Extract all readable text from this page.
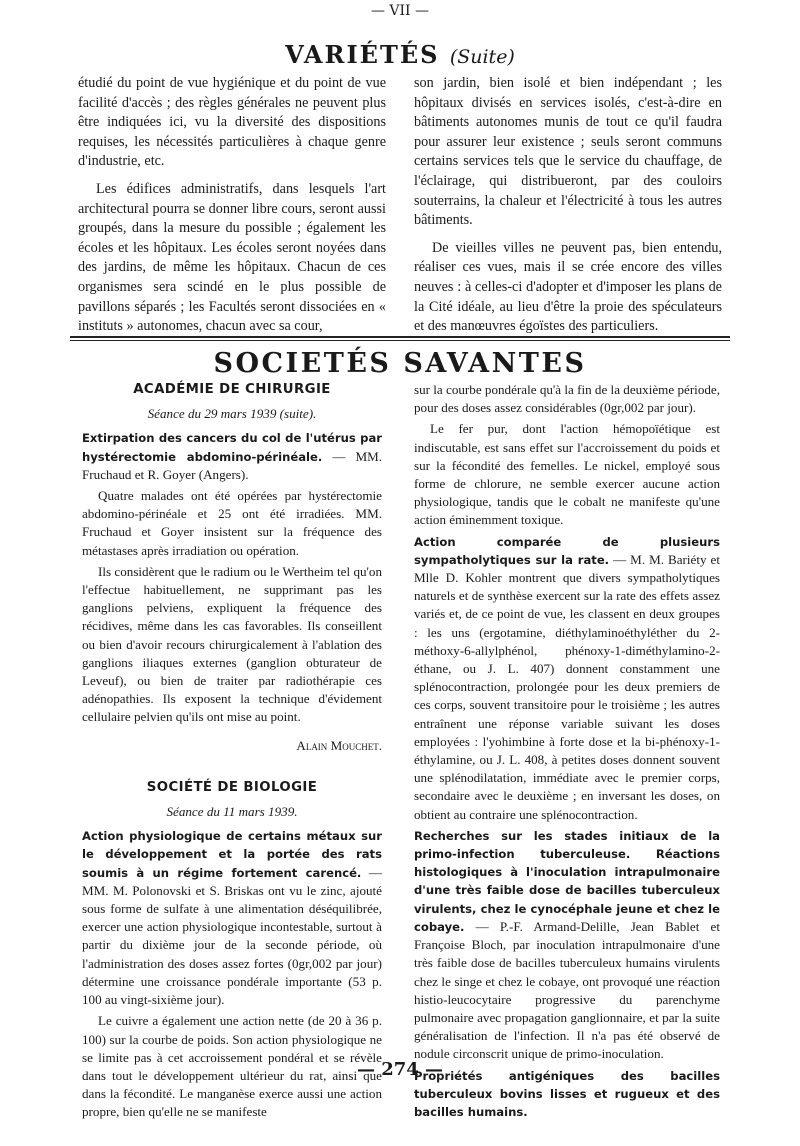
— VII —
VARIÉTÉS (Suite)

étudié du point de vue hygiénique et du point de vue facilité d'accès ; des règles générales ne peuvent plus être indiquées ici, vu la diversité des dispositions requises, les nécessités particulières à chaque genre d'industrie, etc.

Les édifices administratifs, dans lesquels l'art architectural pourra se donner libre cours, seront aussi groupés, dans la mesure du possible ; également les écoles et les hôpitaux. Les écoles seront noyées dans des jardins, de même les hôpitaux. Chacun de ces organismes sera scindé en le plus possible de pavillons séparés ; les Facultés seront dissociées en « instituts » autonomes, chacun avec sa cour,

son jardin, bien isolé et bien indépendant ; les hôpitaux divisés en services isolés, c'est-à-dire en bâtiments autonomes munis de tout ce qu'il faudra pour assurer leur existence ; seuls seront communs certains services tels que le service du chauffage, de l'éclairage, qui distribueront, par des couloirs souterrains, la chaleur et l'électricité à tous les autres bâtiments.

De vieilles villes ne peuvent pas, bien entendu, réaliser ces vues, mais il se crée encore des villes neuves : à celles-ci d'adopter et d'imposer les plans de la Cité idéale, au lieu d'être la proie des spéculateurs et des manœuvres égoïstes des particuliers.

SOCIETÉS SAVANTES

ACADÉMIE DE CHIRURGIE

Séance du 29 mars 1939 (suite).

Extirpation des cancers du col de l'utérus par hystérectomie abdomino-périnéale. — MM. Fruchaud et R. Goyer (Angers).

Quatre malades ont été opérées par hystérectomie abdomino-périnéale et 25 ont été irradiées. MM. Fruchaud et Goyer insistent sur la fréquence des métastases après irradiation ou opération.

Ils considèrent que le radium ou le Wertheim tel qu'on l'effectue habituellement, ne supprimant pas les ganglions pelviens, expliquent la fréquence des récidives, même dans les cas favorables. Ils conseillent ou bien d'avoir recours chirurgicalement à l'ablation des ganglions iliaques externes (ganglion obturateur de Leveuf), ou bien de traiter par radiothérapie ces adénopathies. Ils exposent la technique d'évidement cellulaire pelvien qu'ils ont mise au point.

Alain Mouchet.

SOCIÉTÉ DE BIOLOGIE

Séance du 11 mars 1939.

Action physiologique de certains métaux sur le développement et la portée des rats soumis à un régime fortement carencé. — MM. M. Polonovski et S. Briskas ont vu le zinc, ajouté sous forme de sulfate à une alimentation déséquilibrée, exercer une action physiologique incontestable, surtout à partir du dixième jour de la seconde période, où l'administration des doses assez fortes (0gr,002 par jour) détermine une croissance pondérale importante (53 p. 100 au vingt-sixième jour).

Le cuivre a également une action nette (de 20 à 36 p. 100) sur la courbe de poids. Son action physiologique ne se limite pas à cet accroissement pondéral et se révèle dans tout le développement ultérieur du rat, ainsi que dans la fécondité. Le manganèse exerce aussi une action propre, bien qu'elle ne se manifeste

sur la courbe pondérale qu'à la fin de la deuxième période, pour des doses assez considérables (0gr,002 par jour).

Le fer pur, dont l'action hémopoïétique est indiscutable, est sans effet sur l'accroissement du poids et sur la fécondité des femelles. Le nickel, employé sous forme de chlorure, ne semble exercer aucune action physiologique, tandis que le cobalt ne manifeste qu'une action éminemment toxique.

Action comparée de plusieurs sympatholytiques sur la rate. — M. M. Bariéty et Mlle D. Kohler montrent que divers sympatholytiques naturels et de synthèse exercent sur la rate des effets assez variés et, de ce point de vue, les classent en deux groupes : les uns (ergotamine, diéthylaminoéthyléther du 2-méthoxy-6-allylphénol, phénoxy-1-diméthylamino-2-éthane, ou J. L. 407) donnent constamment une splénocontraction, prolongée pour les deux premiers de ces corps, souvent transitoire pour le troisième ; les autres entraînent une réponse variable suivant les doses employées : l'yohimbine à forte dose et la bi-phénoxy-1-éthylamine, ou J. L. 408, à petites doses donnent souvent une splénodilatation, immédiate avec le premier corps, secondaire avec le deuxième ; en inversant les doses, on obtient au contraire une splénocontraction.

Recherches sur les stades initiaux de la primo-infection tuberculeuse. Réactions histologiques à l'inoculation intrapulmonaire d'une très faible dose de bacilles tuberculeux virulents, chez le cynocéphale jeune et chez le cobaye. — P.-F. Armand-Delille, Jean Bablet et Françoise Bloch, par inoculation intrapulmonaire d'une très faible dose de bacilles tuberculeux humains virulents chez le singe et chez le cobaye, ont provoqué une réaction histio-leucocytaire progressive du parenchyme pulmonaire avec propagation ganglionnaire, et par la suite généralisation de l'infection. Il n'a pas été observé de nodule circonscrit unique de primo-inoculation.

Propriétés antigéniques des bacilles tuberculeux bovins lisses et rugueux et des bacilles humains.

— 274 —
